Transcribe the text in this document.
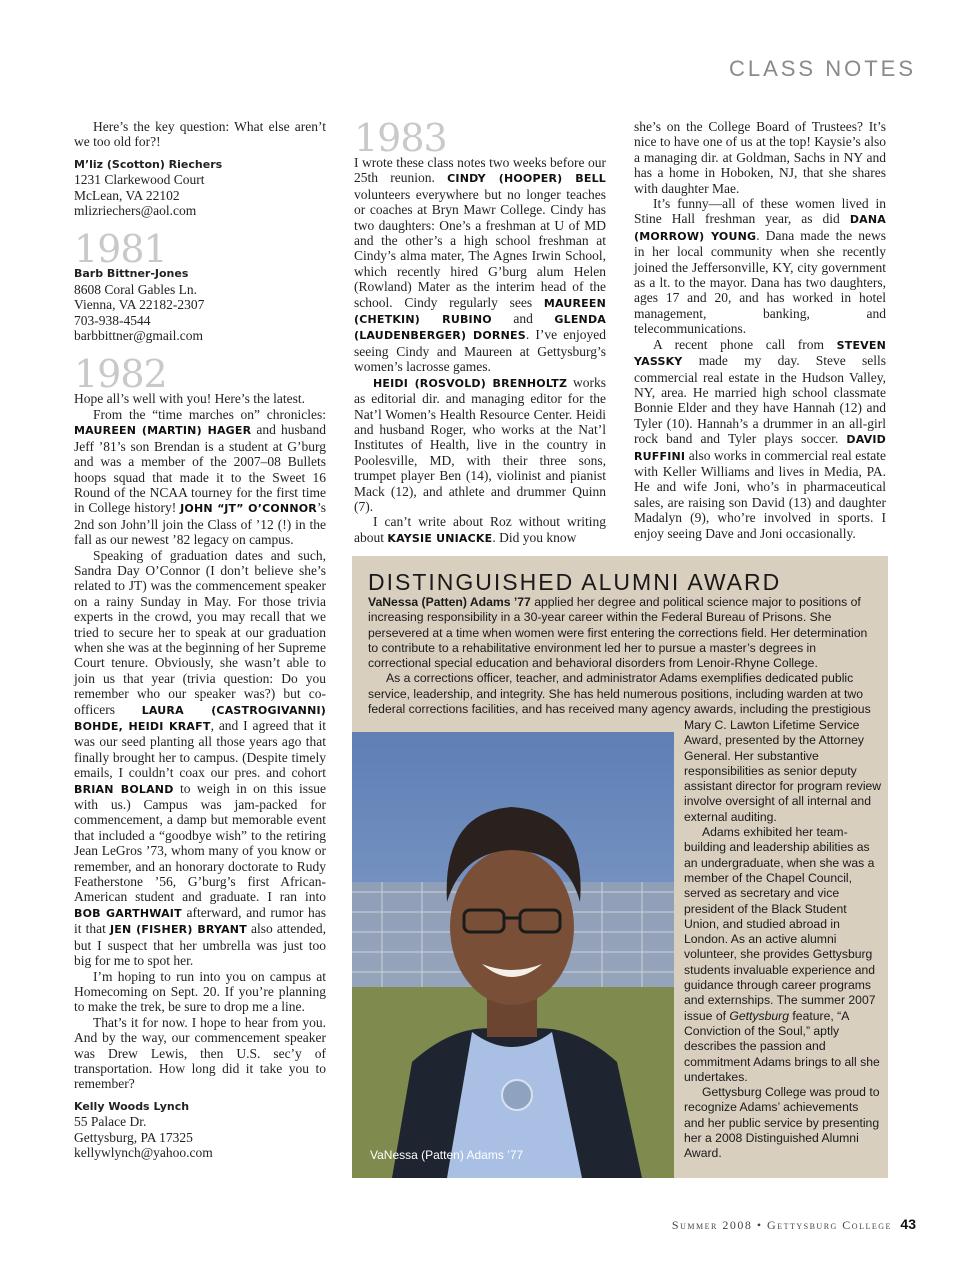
CLASS NOTES

Here’s the key question: What else aren’t we too old for?!

M’liz (Scotton) Riechers
1231 Clarkewood Court
McLean, VA 22102
mlizriechers@aol.com
1981
Barb Bittner-Jones
8608 Coral Gables Ln.
Vienna, VA 22182-2307
703-938-4544
barbbittner@gmail.com
1982

Hope all’s well with you! Here’s the latest.

From the “time marches on” chronicles: MAUREEN (MARTIN) HAGER and husband Jeff ’81’s son Brendan is a student at G’burg and was a member of the 2007–08 Bullets hoops squad that made it to the Sweet 16 Round of the NCAA tourney for the first time in College history! JOHN “JT” O’CONNOR’s 2nd son John’ll join the Class of ’12 (!) in the fall as our newest ’82 legacy on campus.

Speaking of graduation dates and such, Sandra Day O’Connor (I don’t believe she’s related to JT) was the commencement speaker on a rainy Sunday in May. For those trivia experts in the crowd, you may recall that we tried to secure her to speak at our graduation when she was at the beginning of her Supreme Court tenure. Obviously, she wasn’t able to join us that year (trivia question: Do you remember who our speaker was?) but co-officers LAURA (CASTROGIVANNI) BOHDE, HEIDI KRAFT, and I agreed that it was our seed planting all those years ago that finally brought her to campus. (Despite timely emails, I couldn’t coax our pres. and cohort BRIAN BOLAND to weigh in on this issue with us.) Campus was jam-packed for commencement, a damp but memorable event that included a “goodbye wish” to the retiring Jean LeGros ’73, whom many of you know or remember, and an honorary doctorate to Rudy Featherstone ’56, G’burg’s first African-American student and graduate. I ran into BOB GARTHWAIT afterward, and rumor has it that JEN (FISHER) BRYANT also attended, but I suspect that her umbrella was just too big for me to spot her.

I’m hoping to run into you on campus at Homecoming on Sept. 20. If you’re planning to make the trek, be sure to drop me a line.

That’s it for now. I hope to hear from you. And by the way, our commencement speaker was Drew Lewis, then U.S. sec’y of transportation. How long did it take you to remember?

Kelly Woods Lynch
55 Palace Dr.
Gettysburg, PA 17325
kellywlynch@yahoo.com
1983

I wrote these class notes two weeks before our 25th reunion. CINDY (HOOPER) BELL volunteers everywhere but no longer teaches or coaches at Bryn Mawr College. Cindy has two daughters: One’s a freshman at U of MD and the other’s a high school freshman at Cindy’s alma mater, The Agnes Irwin School, which recently hired G’burg alum Helen (Rowland) Mater as the interim head of the school. Cindy regularly sees MAUREEN (CHETKIN) RUBINO and GLENDA (LAUDENBERGER) DORNES. I’ve enjoyed seeing Cindy and Maureen at Gettysburg’s women’s lacrosse games.

HEIDI (ROSVOLD) BRENHOLTZ works as editorial dir. and managing editor for the Nat’l Women’s Health Resource Center. Heidi and husband Roger, who works at the Nat’l Institutes of Health, live in the country in Poolesville, MD, with their three sons, trumpet player Ben (14), violinist and pianist Mack (12), and athlete and drummer Quinn (7).

I can’t write about Roz without writing about KAYSIE UNIACKE. Did you know

she’s on the College Board of Trustees? It’s nice to have one of us at the top! Kaysie’s also a managing dir. at Goldman, Sachs in NY and has a home in Hoboken, NJ, that she shares with daughter Mae.

It’s funny—all of these women lived in Stine Hall freshman year, as did DANA (MORROW) YOUNG. Dana made the news in her local community when she recently joined the Jeffersonville, KY, city government as a lt. to the mayor. Dana has two daughters, ages 17 and 20, and has worked in hotel management, banking, and telecommunications.

A recent phone call from STEVEN YASSKY made my day. Steve sells commercial real estate in the Hudson Valley, NY, area. He married high school classmate Bonnie Elder and they have Hannah (12) and Tyler (10). Hannah’s a drummer in an all-girl rock band and Tyler plays soccer. DAVID RUFFINI also works in commercial real estate with Keller Williams and lives in Media, PA. He and wife Joni, who’s in pharmaceutical sales, are raising son David (13) and daughter Madalyn (9), who’re involved in sports. I enjoy seeing Dave and Joni occasionally.

DISTINGUISHED ALUMNI AWARD

VaNessa (Patten) Adams ’77 applied her degree and political science major to positions of increasing responsibility in a 30-year career within the Federal Bureau of Prisons. She persevered at a time when women were first entering the corrections field. Her determination to contribute to a rehabilitative environment led her to pursue a master’s degrees in correctional special education and behavioral disorders from Lenoir-Rhyne College.

As a corrections officer, teacher, and administrator Adams exemplifies dedicated public service, leadership, and integrity. She has held numerous positions, including warden at two federal corrections facilities, and has received many agency awards, including the prestigious

Mary C. Lawton Lifetime Service Award, presented by the Attorney General. Her substantive responsibilities as senior deputy assistant director for program review involve oversight of all internal and external auditing.

Adams exhibited her team-building and leadership abilities as an undergraduate, when she was a member of the Chapel Council, served as secretary and vice president of the Black Student Union, and studied abroad in London. As an active alumni volunteer, she provides Gettysburg students invaluable experience and guidance through career programs and externships. The summer 2007 issue of Gettysburg feature, “A Conviction of the Soul,” aptly describes the passion and commitment Adams brings to all she undertakes.

Gettysburg College was proud to recognize Adams’ achievements and her public service by presenting her a 2008 Distinguished Alumni Award.

VaNessa (Patten) Adams ’77
Summer 2008 • Gettysburg College 43
